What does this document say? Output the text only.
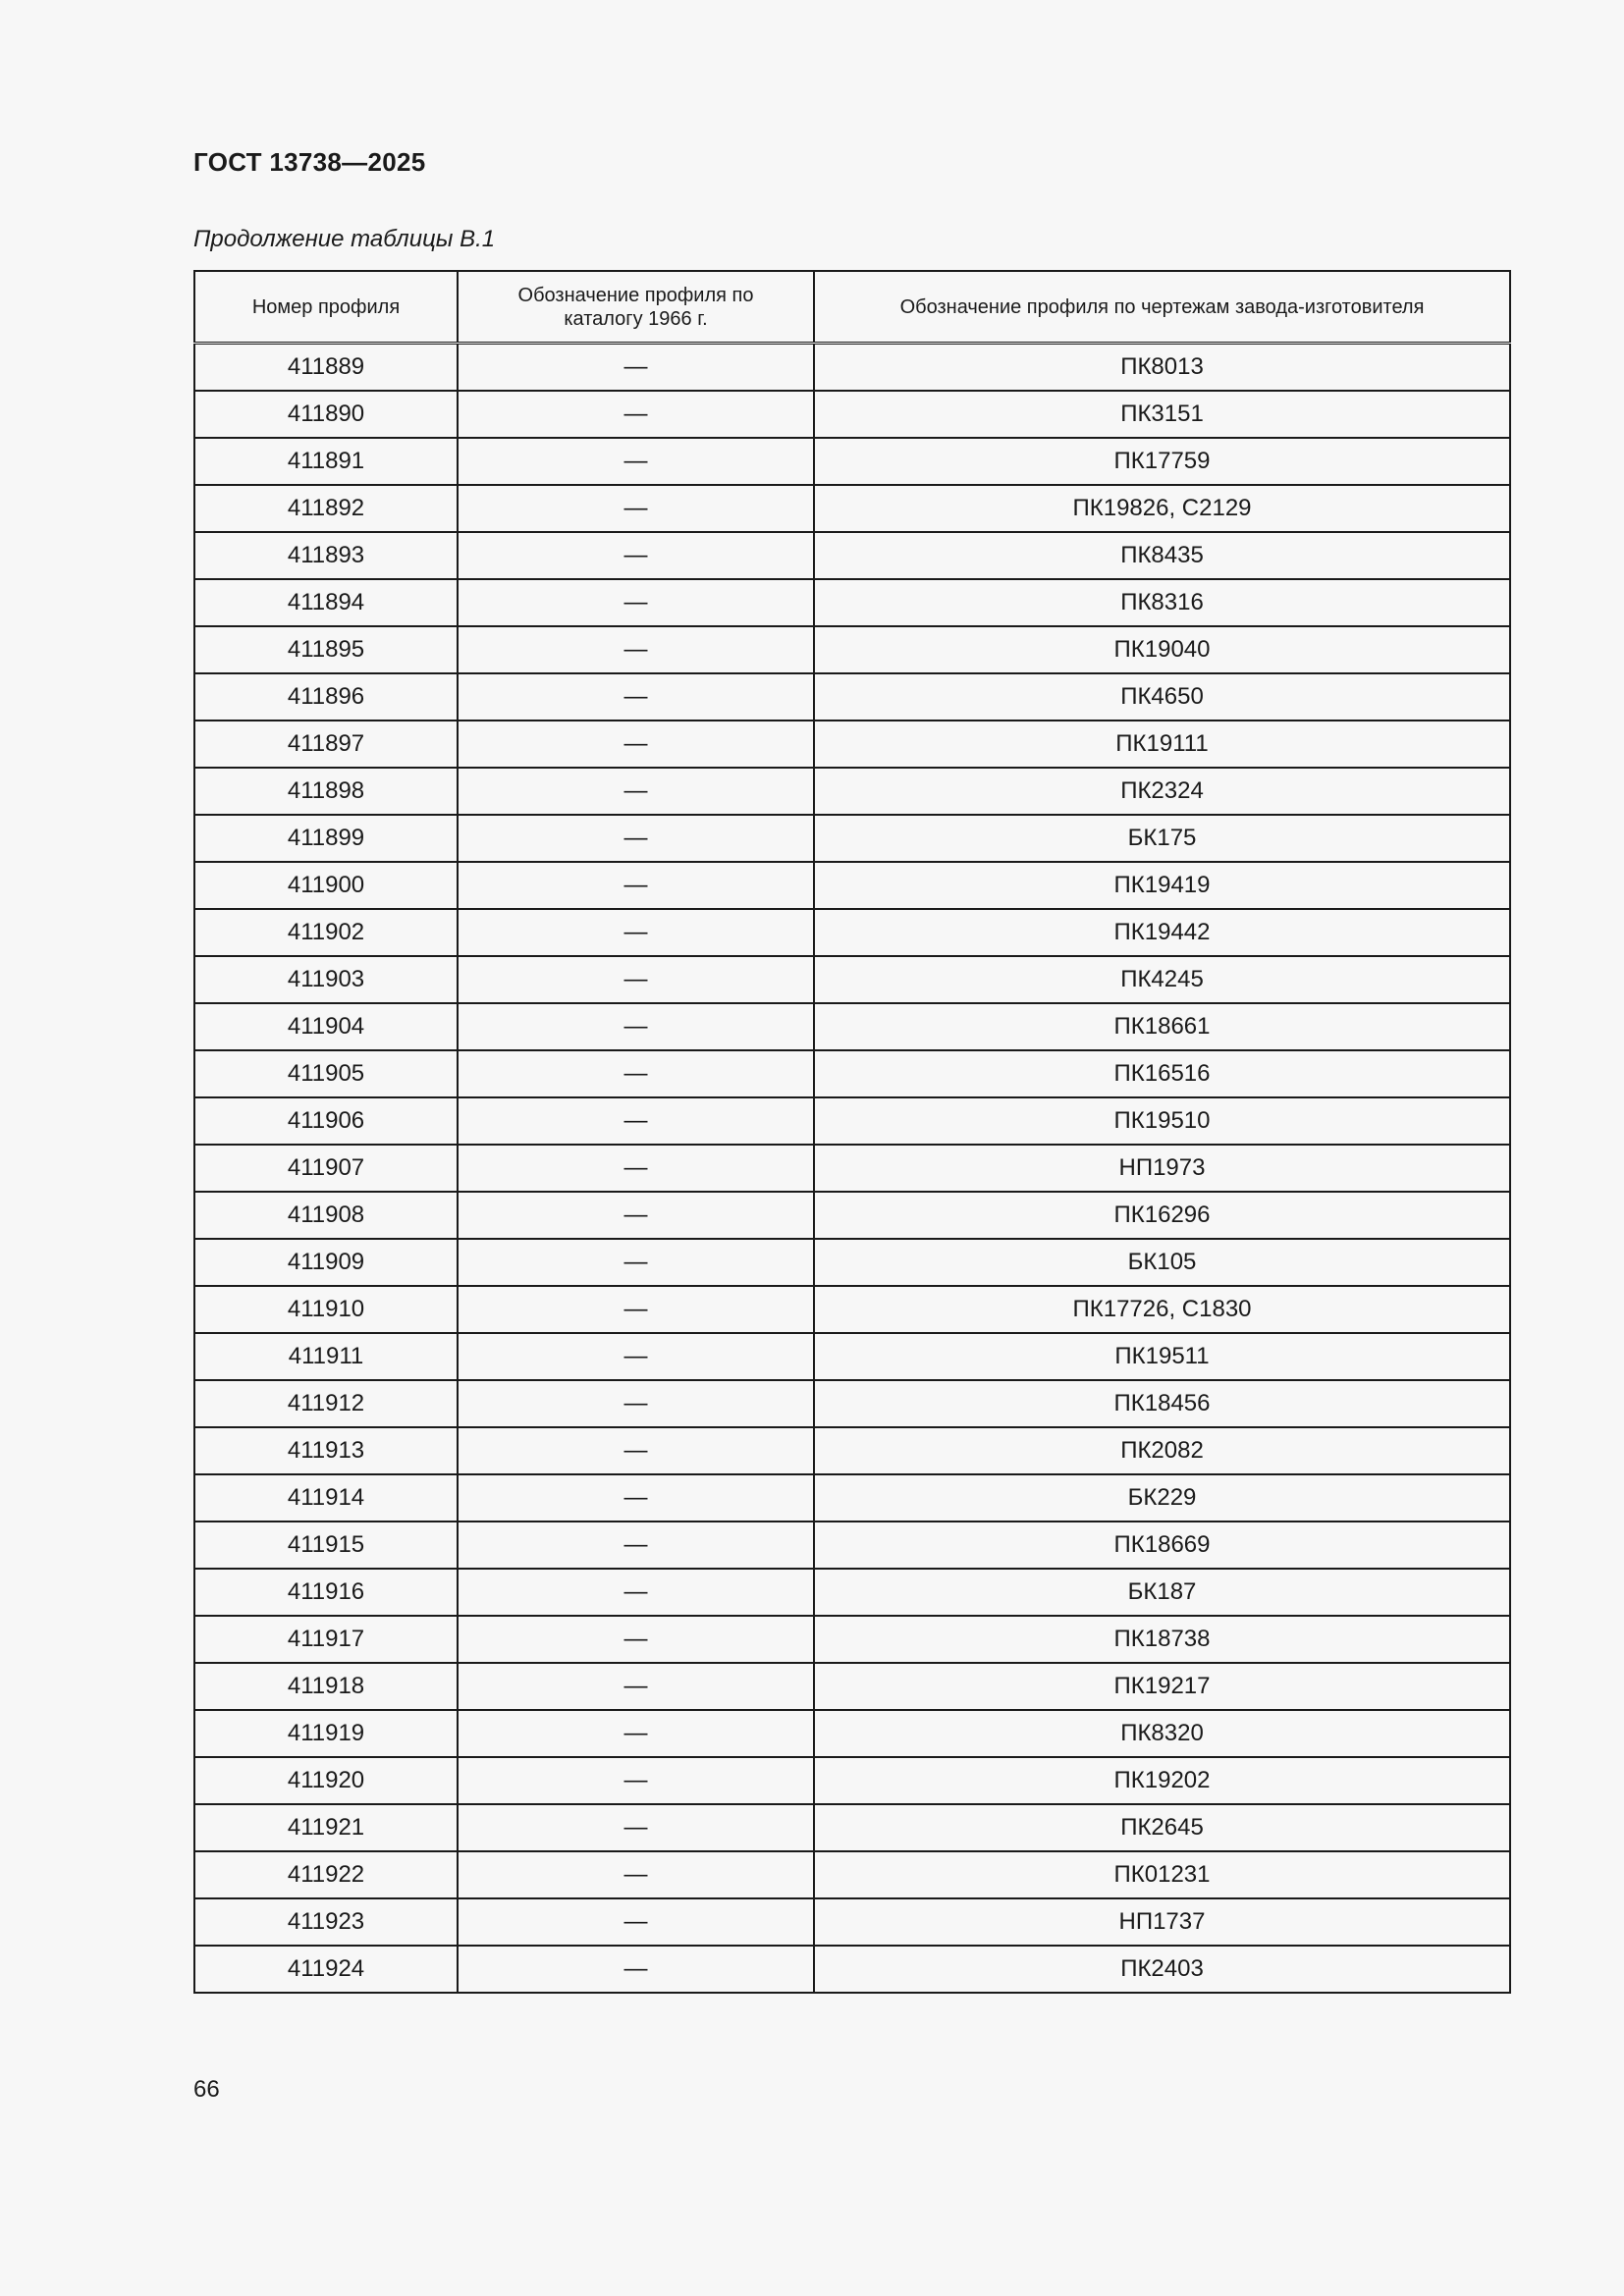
ГОСТ 13738—2025
Продолжение таблицы В.1
Номер профиля	Обозначение профиля по каталогу 1966 г.	Обозначение профиля по чертежам завода-изготовителя
411889	—	ПК8013
411890	—	ПК3151
411891	—	ПК17759
411892	—	ПК19826, С2129
411893	—	ПК8435
411894	—	ПК8316
411895	—	ПК19040
411896	—	ПК4650
411897	—	ПК19111
411898	—	ПК2324
411899	—	БК175
411900	—	ПК19419
411902	—	ПК19442
411903	—	ПК4245
411904	—	ПК18661
411905	—	ПК16516
411906	—	ПК19510
411907	—	НП1973
411908	—	ПК16296
411909	—	БК105
411910	—	ПК17726, С1830
411911	—	ПК19511
411912	—	ПК18456
411913	—	ПК2082
411914	—	БК229
411915	—	ПК18669
411916	—	БК187
411917	—	ПК18738
411918	—	ПК19217
411919	—	ПК8320
411920	—	ПК19202
411921	—	ПК2645
411922	—	ПК01231
411923	—	НП1737
411924	—	ПК2403
66
